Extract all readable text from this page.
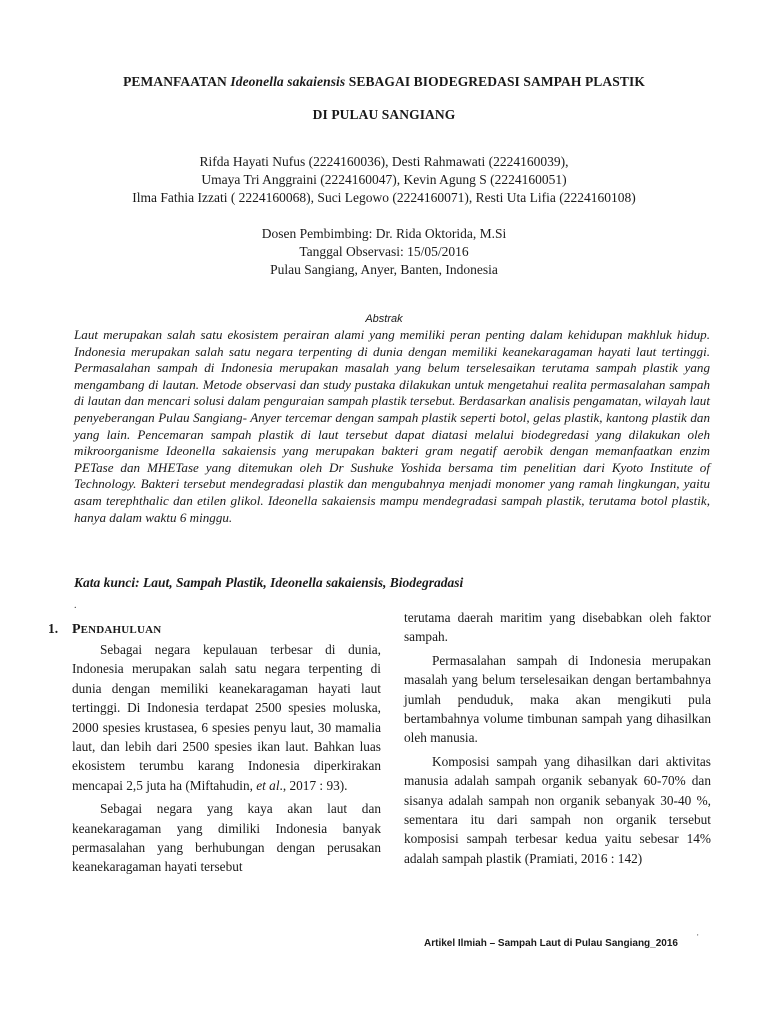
PEMANFAATAN Ideonella sakaiensis SEBAGAI BIODEGREDASI SAMPAH PLASTIK
DI PULAU SANGIANG
Rifda Hayati Nufus (2224160036), Desti Rahmawati (2224160039),
Umaya Tri Anggraini (2224160047), Kevin Agung S (2224160051)
Ilma Fathia Izzati ( 2224160068), Suci Legowo (2224160071), Resti Uta Lifia (2224160108)
Dosen Pembimbing: Dr. Rida Oktorida, M.Si
Tanggal Observasi: 15/05/2016
Pulau Sangiang, Anyer, Banten, Indonesia
Abstrak
Laut merupakan salah satu ekosistem perairan alami yang memiliki peran penting dalam kehidupan makhluk hidup. Indonesia merupakan salah satu negara terpenting di dunia dengan memiliki keanekaragaman hayati laut tertinggi. Permasalahan sampah di Indonesia merupakan masalah yang belum terselesaikan terutama sampah plastik yang mengambang di lautan. Metode observasi dan study pustaka dilakukan untuk mengetahui realita permasalahan sampah di lautan dan mencari solusi dalam penguraian sampah plastik tersebut. Berdasarkan analisis pengamatan, wilayah laut penyeberangan Pulau Sangiang- Anyer tercemar dengan sampah plastik seperti botol, gelas plastik, kantong plastik dan yang lain. Pencemaran sampah plastik di laut tersebut dapat diatasi melalui biodegredasi yang dilakukan oleh mikroorganisme Ideonella sakaiensis yang merupakan bakteri gram negatif aerobik dengan memanfaatkan enzim PETase dan MHETase yang ditemukan oleh Dr Sushuke Yoshida bersama tim penelitian dari Kyoto Institute of Technology. Bakteri tersebut mendegradasi plastik dan mengubahnya menjadi monomer yang ramah lingkungan, yaitu asam terephthalic dan etilen glikol. Ideonella sakaiensis mampu mendegradasi sampah plastik, terutama botol plastik, hanya dalam waktu 6 minggu.
Kata kunci: Laut, Sampah Plastik, Ideonella sakaiensis, Biodegradasi
.
1. PENDAHULUAN

Sebagai negara kepulauan terbesar di dunia, Indonesia merupakan salah satu negara terpenting di dunia dengan memiliki keanekaragaman hayati laut tertinggi. Di Indonesia terdapat 2500 spesies moluska, 2000 spesies krustasea, 6 spesies penyu laut, 30 mamalia laut, dan lebih dari 2500 spesies ikan laut. Bahkan luas ekosistem terumbu karang Indonesia diperkirakan mencapai 2,5 juta ha (Miftahudin, et al., 2017 : 93).

Sebagai negara yang kaya akan laut dan keanekaragaman yang dimiliki Indonesia banyak permasalahan yang berhubungan dengan perusakan keanekaragaman hayati tersebut

terutama daerah maritim yang disebabkan oleh faktor sampah.

Permasalahan sampah di Indonesia merupakan masalah yang belum terselesaikan dengan bertambahnya jumlah penduduk, maka akan mengikuti pula bertambahnya volume timbunan sampah yang dihasilkan oleh manusia.

Komposisi sampah yang dihasilkan dari aktivitas manusia adalah sampah organik sebanyak 60-70% dan sisanya adalah sampah non organik sebanyak 30-40 %, sementara itu dari sampah non organik tersebut komposisi sampah terbesar kedua yaitu sebesar 14% adalah sampah plastik (Pramiati, 2016 : 142)

Artikel Ilmiah – Sampah Laut di Pulau Sangiang_2016
'
